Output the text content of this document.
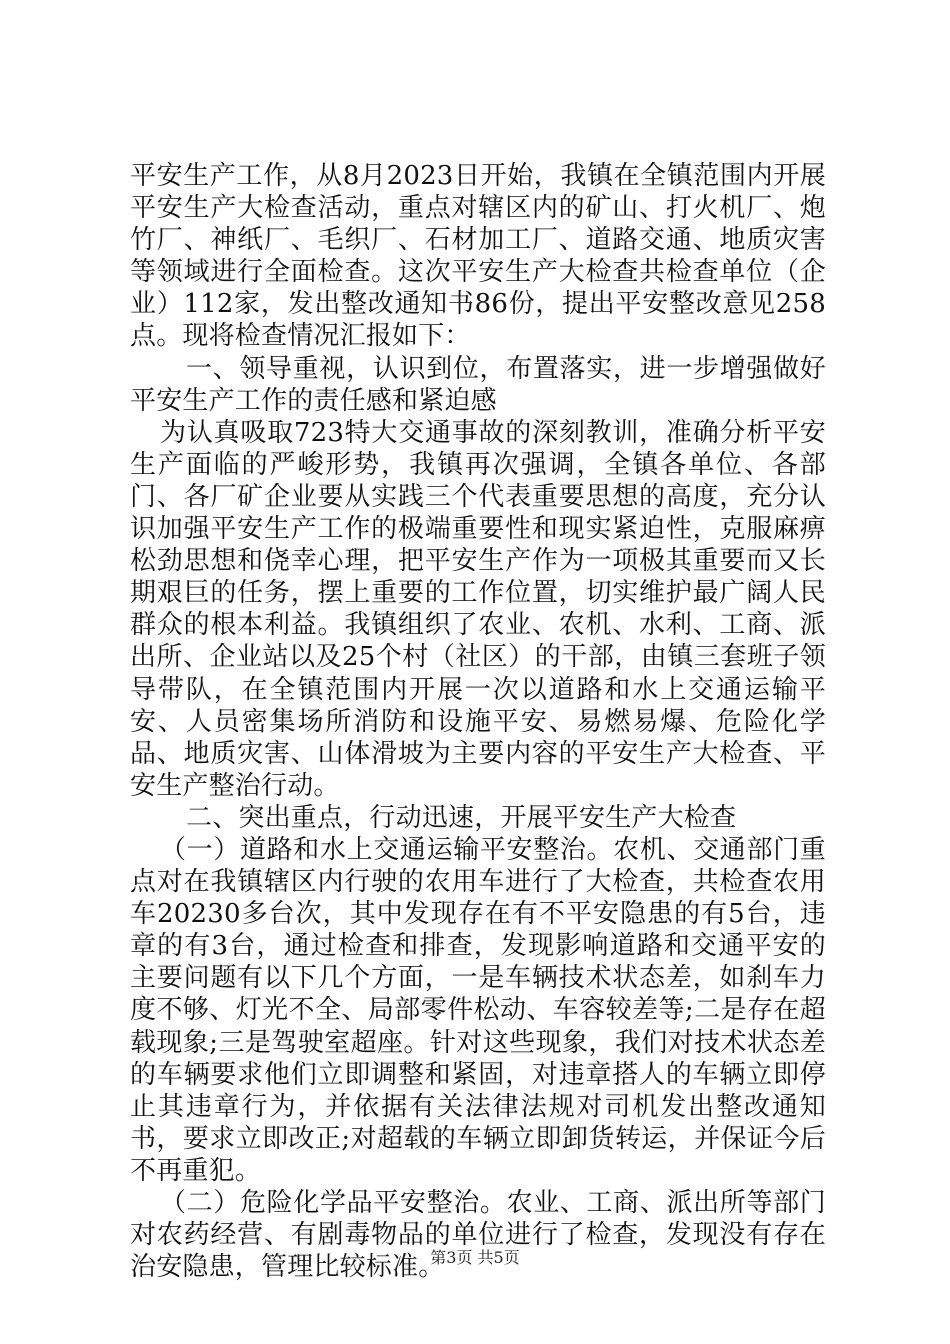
平安生产工作，从8月2023日开始，我镇在全镇范围内开展平安生产大检查活动，重点对辖区内的矿山、打火机厂、炮竹厂、神纸厂、毛织厂、石材加工厂、道路交通、地质灾害等领域进行全面检查。这次平安生产大检查共检查单位（企业）112家，发出整改通知书86份，提出平安整改意见258点。现将检查情况汇报如下：

一、领导重视，认识到位，布置落实，进一步增强做好平安生产工作的责任感和紧迫感

为认真吸取723特大交通事故的深刻教训，准确分析平安生产面临的严峻形势，我镇再次强调，全镇各单位、各部门、各厂矿企业要从实践三个代表重要思想的高度，充分认识加强平安生产工作的极端重要性和现实紧迫性，克服麻痹松劲思想和侥幸心理，把平安生产作为一项极其重要而又长期艰巨的任务，摆上重要的工作位置，切实维护最广阔人民群众的根本利益。我镇组织了农业、农机、水利、工商、派出所、企业站以及25个村（社区）的干部，由镇三套班子领导带队，在全镇范围内开展一次以道路和水上交通运输平安、人员密集场所消防和设施平安、易燃易爆、危险化学品、地质灾害、山体滑坡为主要内容的平安生产大检查、平安生产整治行动。

二、突出重点，行动迅速，开展平安生产大检查

（一）道路和水上交通运输平安整治。农机、交通部门重点对在我镇辖区内行驶的农用车进行了大检查，共检查农用车20230多台次，其中发现存在有不平安隐患的有5台，违章的有3台，通过检查和排查，发现影响道路和交通平安的主要问题有以下几个方面，一是车辆技术状态差，如刹车力度不够、灯光不全、局部零件松动、车容较差等;二是存在超载现象;三是驾驶室超座。针对这些现象，我们对技术状态差的车辆要求他们立即调整和紧固，对违章搭人的车辆立即停止其违章行为，并依据有关法律法规对司机发出整改通知书，要求立即改正;对超载的车辆立即卸货转运，并保证今后不再重犯。

（二）危险化学品平安整治。农业、工商、派出所等部门对农药经营、有剧毒物品的单位进行了检查，发现没有存在治安隐患，管理比较标准。

第3页 共5页
